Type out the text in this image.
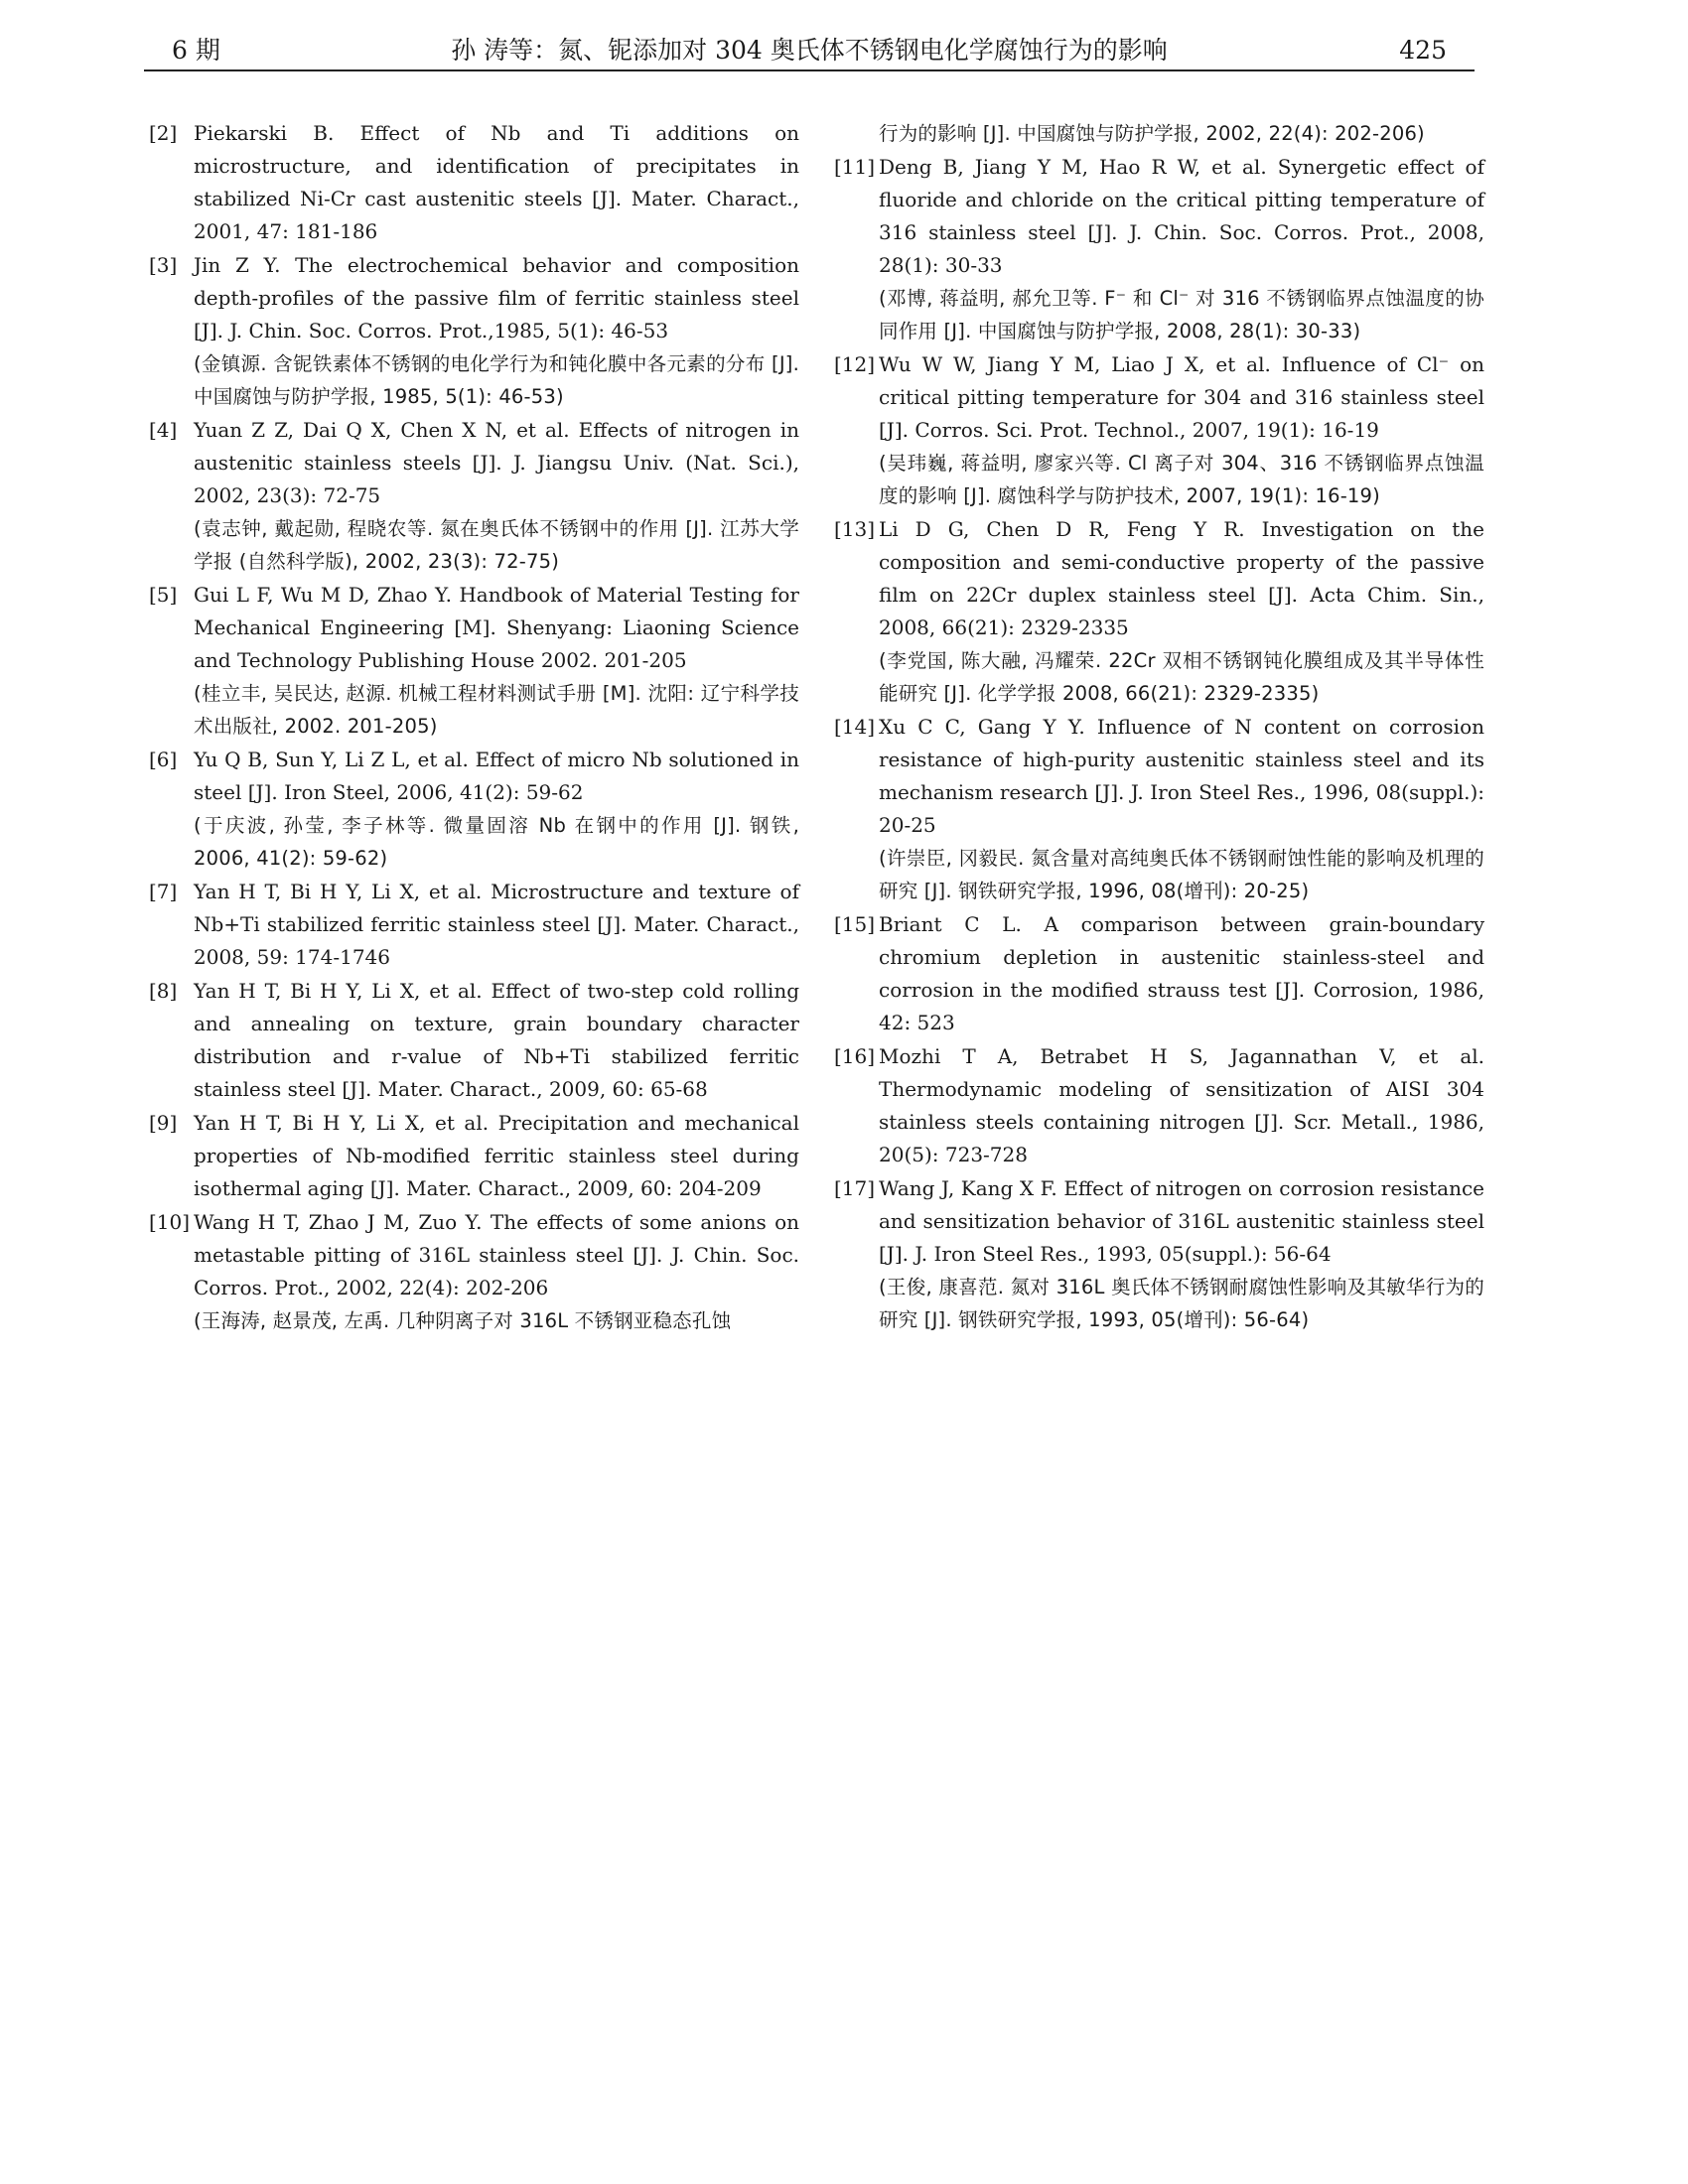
6 期	孙 涛等：氮、铌添加对 304 奥氏体不锈钢电化学腐蚀行为的影响	425
[2] Piekarski B. Effect of Nb and Ti additions on microstructure, and identification of precipitates in stabilized Ni-Cr cast austenitic steels [J]. Mater. Charact., 2001, 47: 181-186
[3] Jin Z Y. The electrochemical behavior and composition depth-profiles of the passive film of ferritic stainless steel [J]. J. Chin. Soc. Corros. Prot.,1985, 5(1): 46-53
(金镇源. 含铌铁素体不锈钢的电化学行为和钝化膜中各元素的分布 [J]. 中国腐蚀与防护学报, 1985, 5(1): 46-53)
[4] Yuan Z Z, Dai Q X, Chen X N, et al. Effects of nitrogen in austenitic stainless steels [J]. J. Jiangsu Univ. (Nat. Sci.), 2002, 23(3): 72-75
(袁志钟, 戴起勋, 程晓农等. 氮在奥氏体不锈钢中的作用 [J]. 江苏大学学报 (自然科学版), 2002, 23(3): 72-75)
[5] Gui L F, Wu M D, Zhao Y. Handbook of Material Testing for Mechanical Engineering [M]. Shenyang: Liaoning Science and Technology Publishing House 2002. 201-205
(桂立丰, 吴民达, 赵源. 机械工程材料测试手册 [M]. 沈阳: 辽宁科学技术出版社, 2002. 201-205)
[6] Yu Q B, Sun Y, Li Z L, et al. Effect of micro Nb solutioned in steel [J]. Iron Steel, 2006, 41(2): 59-62
(于庆波, 孙莹, 李子林等. 微量固溶 Nb 在钢中的作用 [J]. 钢铁, 2006, 41(2): 59-62)
[7] Yan H T, Bi H Y, Li X, et al. Microstructure and texture of Nb+Ti stabilized ferritic stainless steel [J]. Mater. Charact., 2008, 59: 174-1746
[8] Yan H T, Bi H Y, Li X, et al. Effect of two-step cold rolling and annealing on texture, grain boundary character distribution and r-value of Nb+Ti stabilized ferritic stainless steel [J]. Mater. Charact., 2009, 60: 65-68
[9] Yan H T, Bi H Y, Li X, et al. Precipitation and mechanical properties of Nb-modified ferritic stainless steel during isothermal aging [J]. Mater. Charact., 2009, 60: 204-209
[10] Wang H T, Zhao J M, Zuo Y. The effects of some anions on metastable pitting of 316L stainless steel [J]. J. Chin. Soc. Corros. Prot., 2002, 22(4): 202-206
(王海涛, 赵景茂, 左禹. 几种阴离子对 316L 不锈钢亚稳态孔蚀
行为的影响 [J]. 中国腐蚀与防护学报, 2002, 22(4): 202-206)
[11] Deng B, Jiang Y M, Hao R W, et al. Synergetic effect of fluoride and chloride on the critical pitting temperature of 316 stainless steel [J]. J. Chin. Soc. Corros. Prot., 2008, 28(1): 30-33
(邓博, 蒋益明, 郝允卫等. F⁻ 和 Cl⁻ 对 316 不锈钢临界点蚀温度的协同作用 [J]. 中国腐蚀与防护学报, 2008, 28(1): 30-33)
[12] Wu W W, Jiang Y M, Liao J X, et al. Influence of Cl⁻ on critical pitting temperature for 304 and 316 stainless steel [J]. Corros. Sci. Prot. Technol., 2007, 19(1): 16-19
(吴玮巍, 蒋益明, 廖家兴等. Cl 离子对 304、316 不锈钢临界点蚀温度的影响 [J]. 腐蚀科学与防护技术, 2007, 19(1): 16-19)
[13] Li D G, Chen D R, Feng Y R. Investigation on the composition and semi-conductive property of the passive film on 22Cr duplex stainless steel [J]. Acta Chim. Sin., 2008, 66(21): 2329-2335
(李党国, 陈大融, 冯耀荣. 22Cr 双相不锈钢钝化膜组成及其半导体性能研究 [J]. 化学学报 2008, 66(21): 2329-2335)
[14] Xu C C, Gang Y Y. Influence of N content on corrosion resistance of high-purity austenitic stainless steel and its mechanism research [J]. J. Iron Steel Res., 1996, 08(suppl.): 20-25
(许崇臣, 冈毅民. 氮含量对高纯奥氏体不锈钢耐蚀性能的影响及机理的研究 [J]. 钢铁研究学报, 1996, 08(增刊): 20-25)
[15] Briant C L. A comparison between grain-boundary chromium depletion in austenitic stainless-steel and corrosion in the modified strauss test [J]. Corrosion, 1986, 42: 523
[16] Mozhi T A, Betrabet H S, Jagannathan V, et al. Thermodynamic modeling of sensitization of AISI 304 stainless steels containing nitrogen [J]. Scr. Metall., 1986, 20(5): 723-728
[17] Wang J, Kang X F. Effect of nitrogen on corrosion resistance and sensitization behavior of 316L austenitic stainless steel [J]. J. Iron Steel Res., 1993, 05(suppl.): 56-64
(王俊, 康喜范. 氮对 316L 奥氏体不锈钢耐腐蚀性影响及其敏华行为的研究 [J]. 钢铁研究学报, 1993, 05(增刊): 56-64)
